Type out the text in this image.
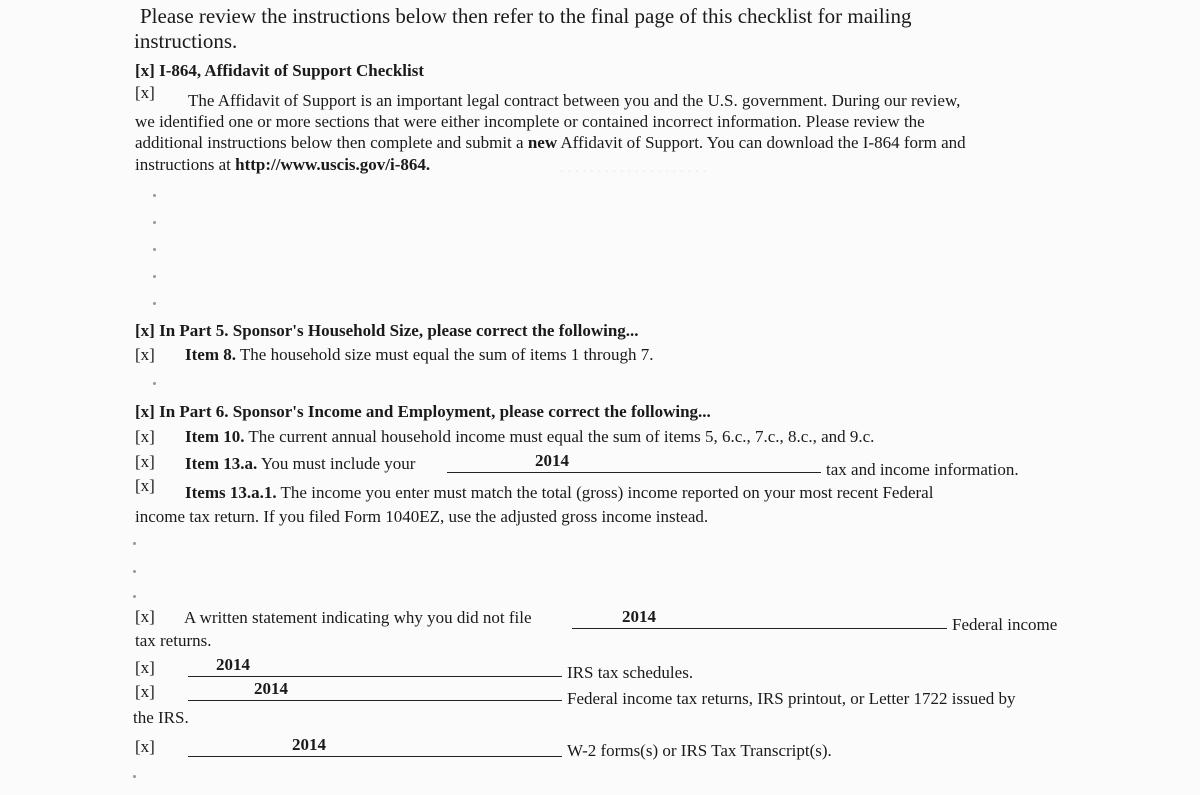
. . . . . . . . . . . . . . . . . . . .
Please review the instructions below then refer to the final page of this checklist for mailing
instructions.
[x] I-864, Affidavit of Support Checklist
[x] The Affidavit of Support is an important legal contract between you and the U.S. government. During our review,
we identified one or more sections that were either incomplete or contained incorrect information. Please review the
additional instructions below then complete and submit a new Affidavit of Support. You can download the I-864 form and
instructions at http://www.uscis.gov/i-864.
[x] In Part 5. Sponsor's Household Size, please correct the following...
[x] Item 8. The household size must equal the sum of items 1 through 7.
[x] In Part 6. Sponsor's Income and Employment, please correct the following...
[x] Item 10. The current annual household income must equal the sum of items 5, 6.c., 7.c., 8.c., and 9.c.
[x] Item 13.a. You must include your	2014	tax and income information.
[x] Items 13.a.1. The income you enter must match the total (gross) income reported on your most recent Federal
income tax return. If you filed Form 1040EZ, use the adjusted gross income instead.
[x] A written statement indicating why you did not file	2014	Federal income
tax returns.
[x]	2014	IRS tax schedules.
[x]	2014
Federal income tax returns, IRS printout, or Letter 1722 issued by
the IRS.
[x]	2014	W-2 forms(s) or IRS Tax Transcript(s).
